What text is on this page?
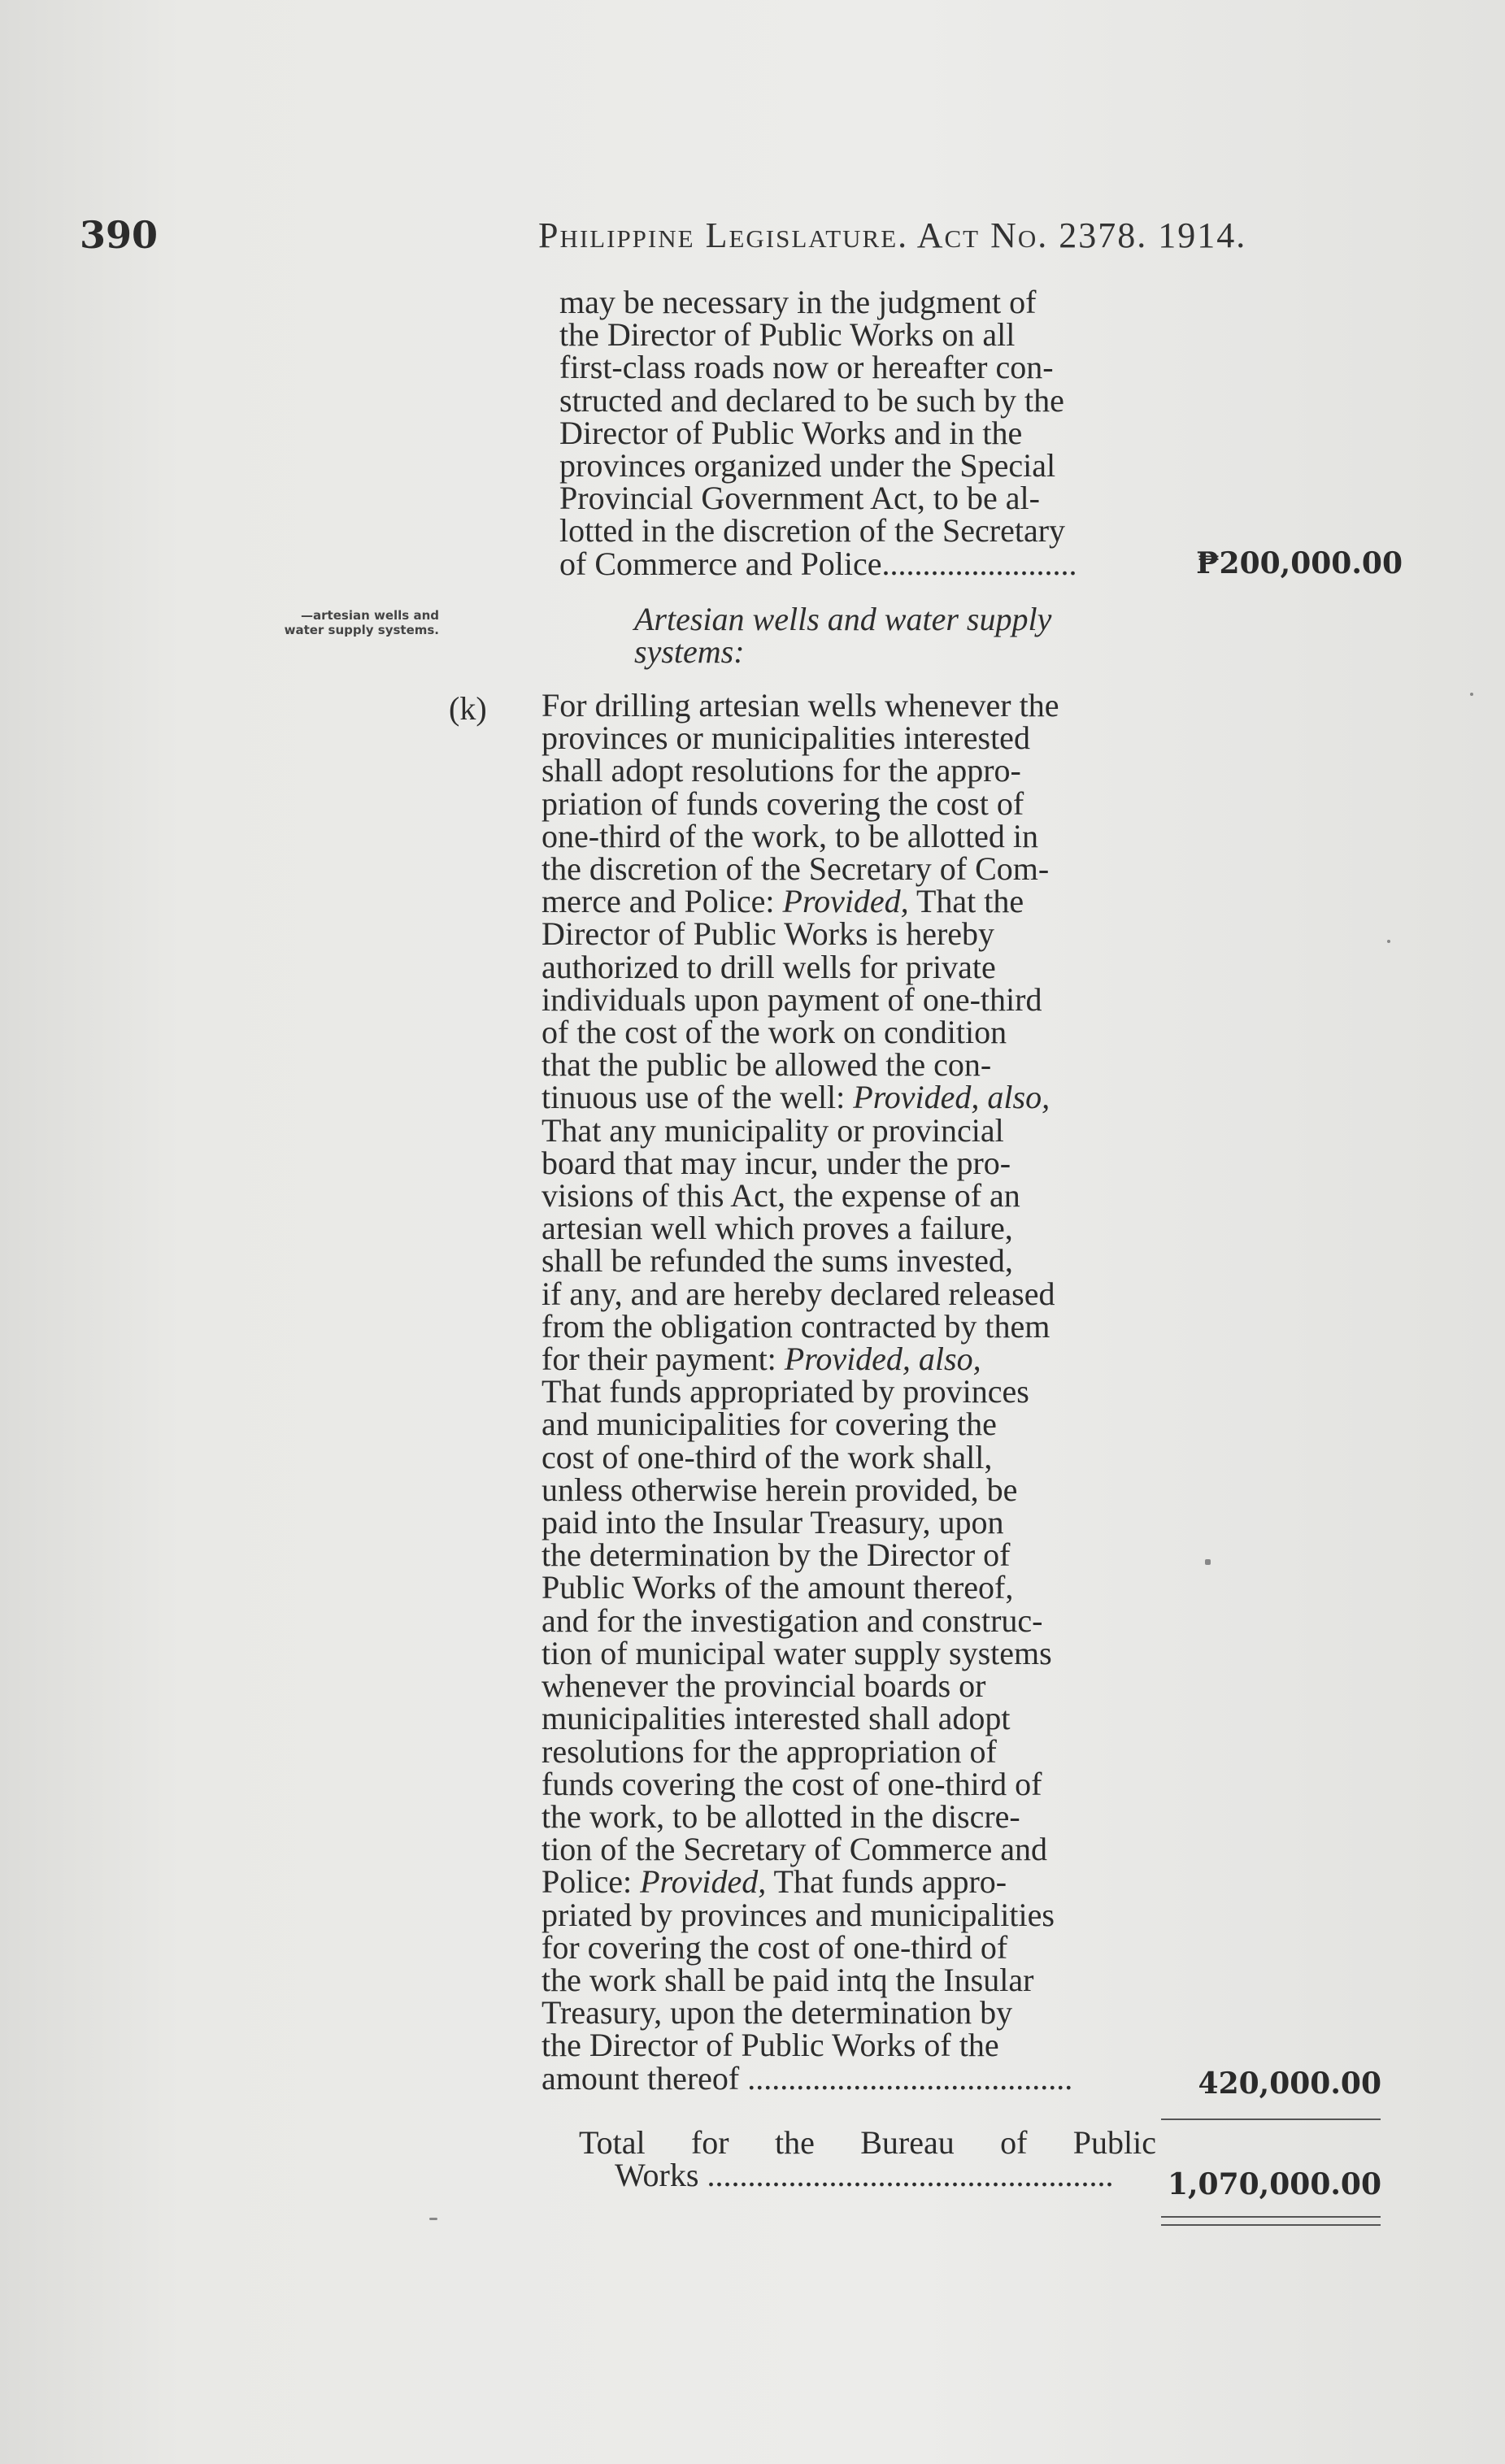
390	Philippine Legislature. Act No. 2378. 1914.
may be necessary in the judgment of
the Director of Public Works on all
first-class roads now or hereafter con-
structed and declared to be such by the
Director of Public Works and in the
provinces organized under the Special
Provincial Government Act, to be al-
lotted in the discretion of the Secretary
of Commerce and Police........................	₱200,000.00
—artesian wells and
water supply systems.	Artesian wells and water supply
systems:
(k) For drilling artesian wells whenever the
provinces or municipalities interested
shall adopt resolutions for the appro-
priation of funds covering the cost of
one-third of the work, to be allotted in
the discretion of the Secretary of Com-
merce and Police: Provided, That the
Director of Public Works is hereby
authorized to drill wells for private
individuals upon payment of one-third
of the cost of the work on condition
that the public be allowed the con-
tinuous use of the well: Provided, also,
That any municipality or provincial
board that may incur, under the pro-
visions of this Act, the expense of an
artesian well which proves a failure,
shall be refunded the sums invested,
if any, and are hereby declared released
from the obligation contracted by them
for their payment: Provided, also,
That funds appropriated by provinces
and municipalities for covering the
cost of one-third of the work shall,
unless otherwise herein provided, be
paid into the Insular Treasury, upon
the determination by the Director of
Public Works of the amount thereof,
and for the investigation and construc-
tion of municipal water supply systems
whenever the provincial boards or
municipalities interested shall adopt
resolutions for the appropriation of
funds covering the cost of one-third of
the work, to be allotted in the discre-
tion of the Secretary of Commerce and
Police: Provided, That funds appro-
priated by provinces and municipalities
for covering the cost of one-third of
the work shall be paid intq the Insular
Treasury, upon the determination by
the Director of Public Works of the
amount thereof ........................................	420,000.00
Total for the Bureau of Public
Works ..................................................	1,070,000.00
